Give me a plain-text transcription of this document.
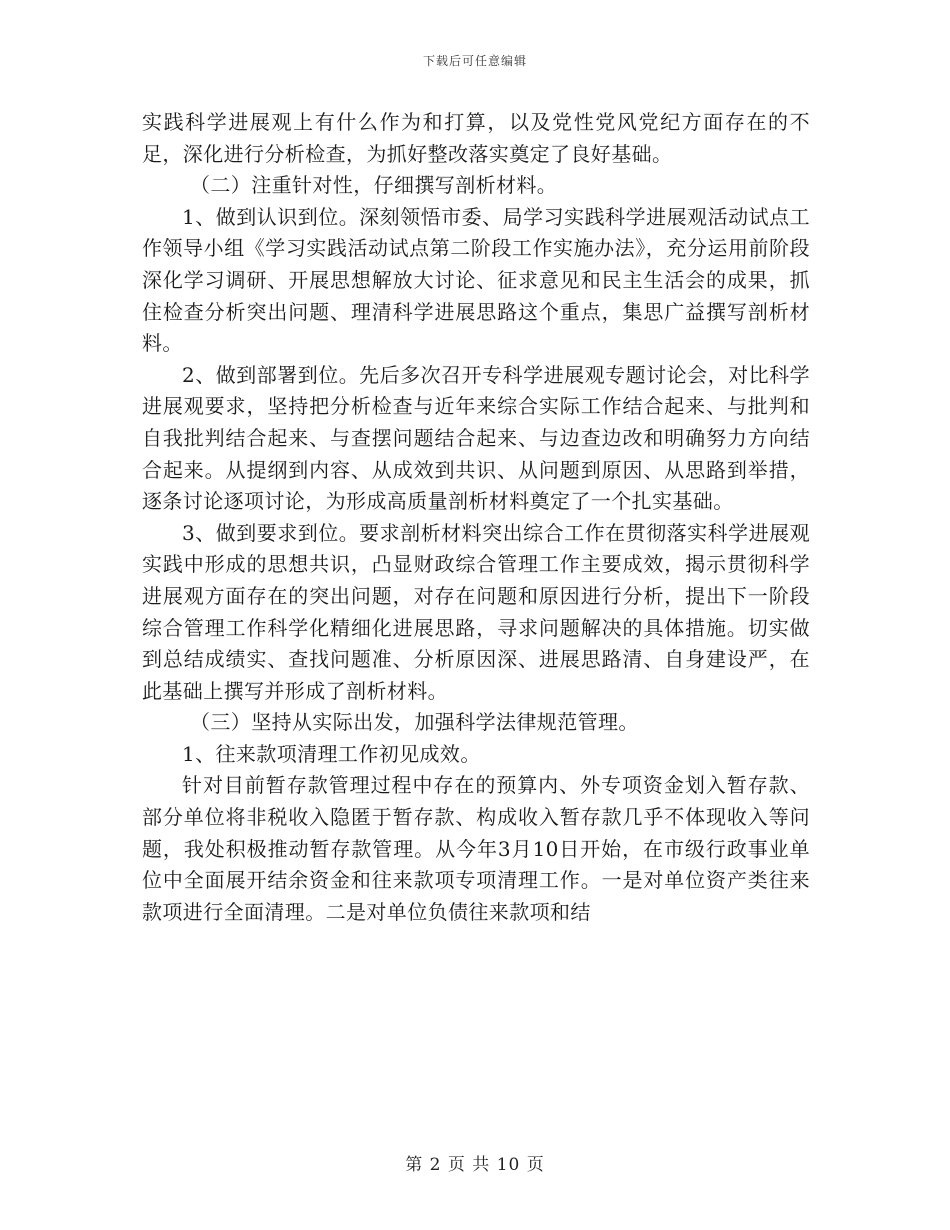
下载后可任意编辑

实践科学进展观上有什么作为和打算，以及党性党风党纪方面存在的不足，深化进行分析检查，为抓好整改落实奠定了良好基础。

（二）注重针对性，仔细撰写剖析材料。

1、做到认识到位。深刻领悟市委、局学习实践科学进展观活动试点工作领导小组《学习实践活动试点第二阶段工作实施办法》，充分运用前阶段深化学习调研、开展思想解放大讨论、征求意见和民主生活会的成果，抓住检查分析突出问题、理清科学进展思路这个重点，集思广益撰写剖析材料。

2、做到部署到位。先后多次召开专科学进展观专题讨论会，对比科学进展观要求，坚持把分析检查与近年来综合实际工作结合起来、与批判和自我批判结合起来、与查摆问题结合起来、与边查边改和明确努力方向结合起来。从提纲到内容、从成效到共识、从问题到原因、从思路到举措，逐条讨论逐项讨论，为形成高质量剖析材料奠定了一个扎实基础。

3、做到要求到位。要求剖析材料突出综合工作在贯彻落实科学进展观实践中形成的思想共识，凸显财政综合管理工作主要成效，揭示贯彻科学进展观方面存在的突出问题，对存在问题和原因进行分析，提出下一阶段综合管理工作科学化精细化进展思路，寻求问题解决的具体措施。切实做到总结成绩实、查找问题准、分析原因深、进展思路清、自身建设严，在此基础上撰写并形成了剖析材料。

（三）坚持从实际出发，加强科学法律规范管理。

1、往来款项清理工作初见成效。

针对目前暂存款管理过程中存在的预算内、外专项资金划入暂存款、部分单位将非税收入隐匿于暂存款、构成收入暂存款几乎不体现收入等问题，我处积极推动暂存款管理。从今年3月10日开始，在市级行政事业单位中全面展开结余资金和往来款项专项清理工作。一是对单位资产类往来款项进行全面清理。二是对单位负债往来款项和结

第 2 页 共 10 页
